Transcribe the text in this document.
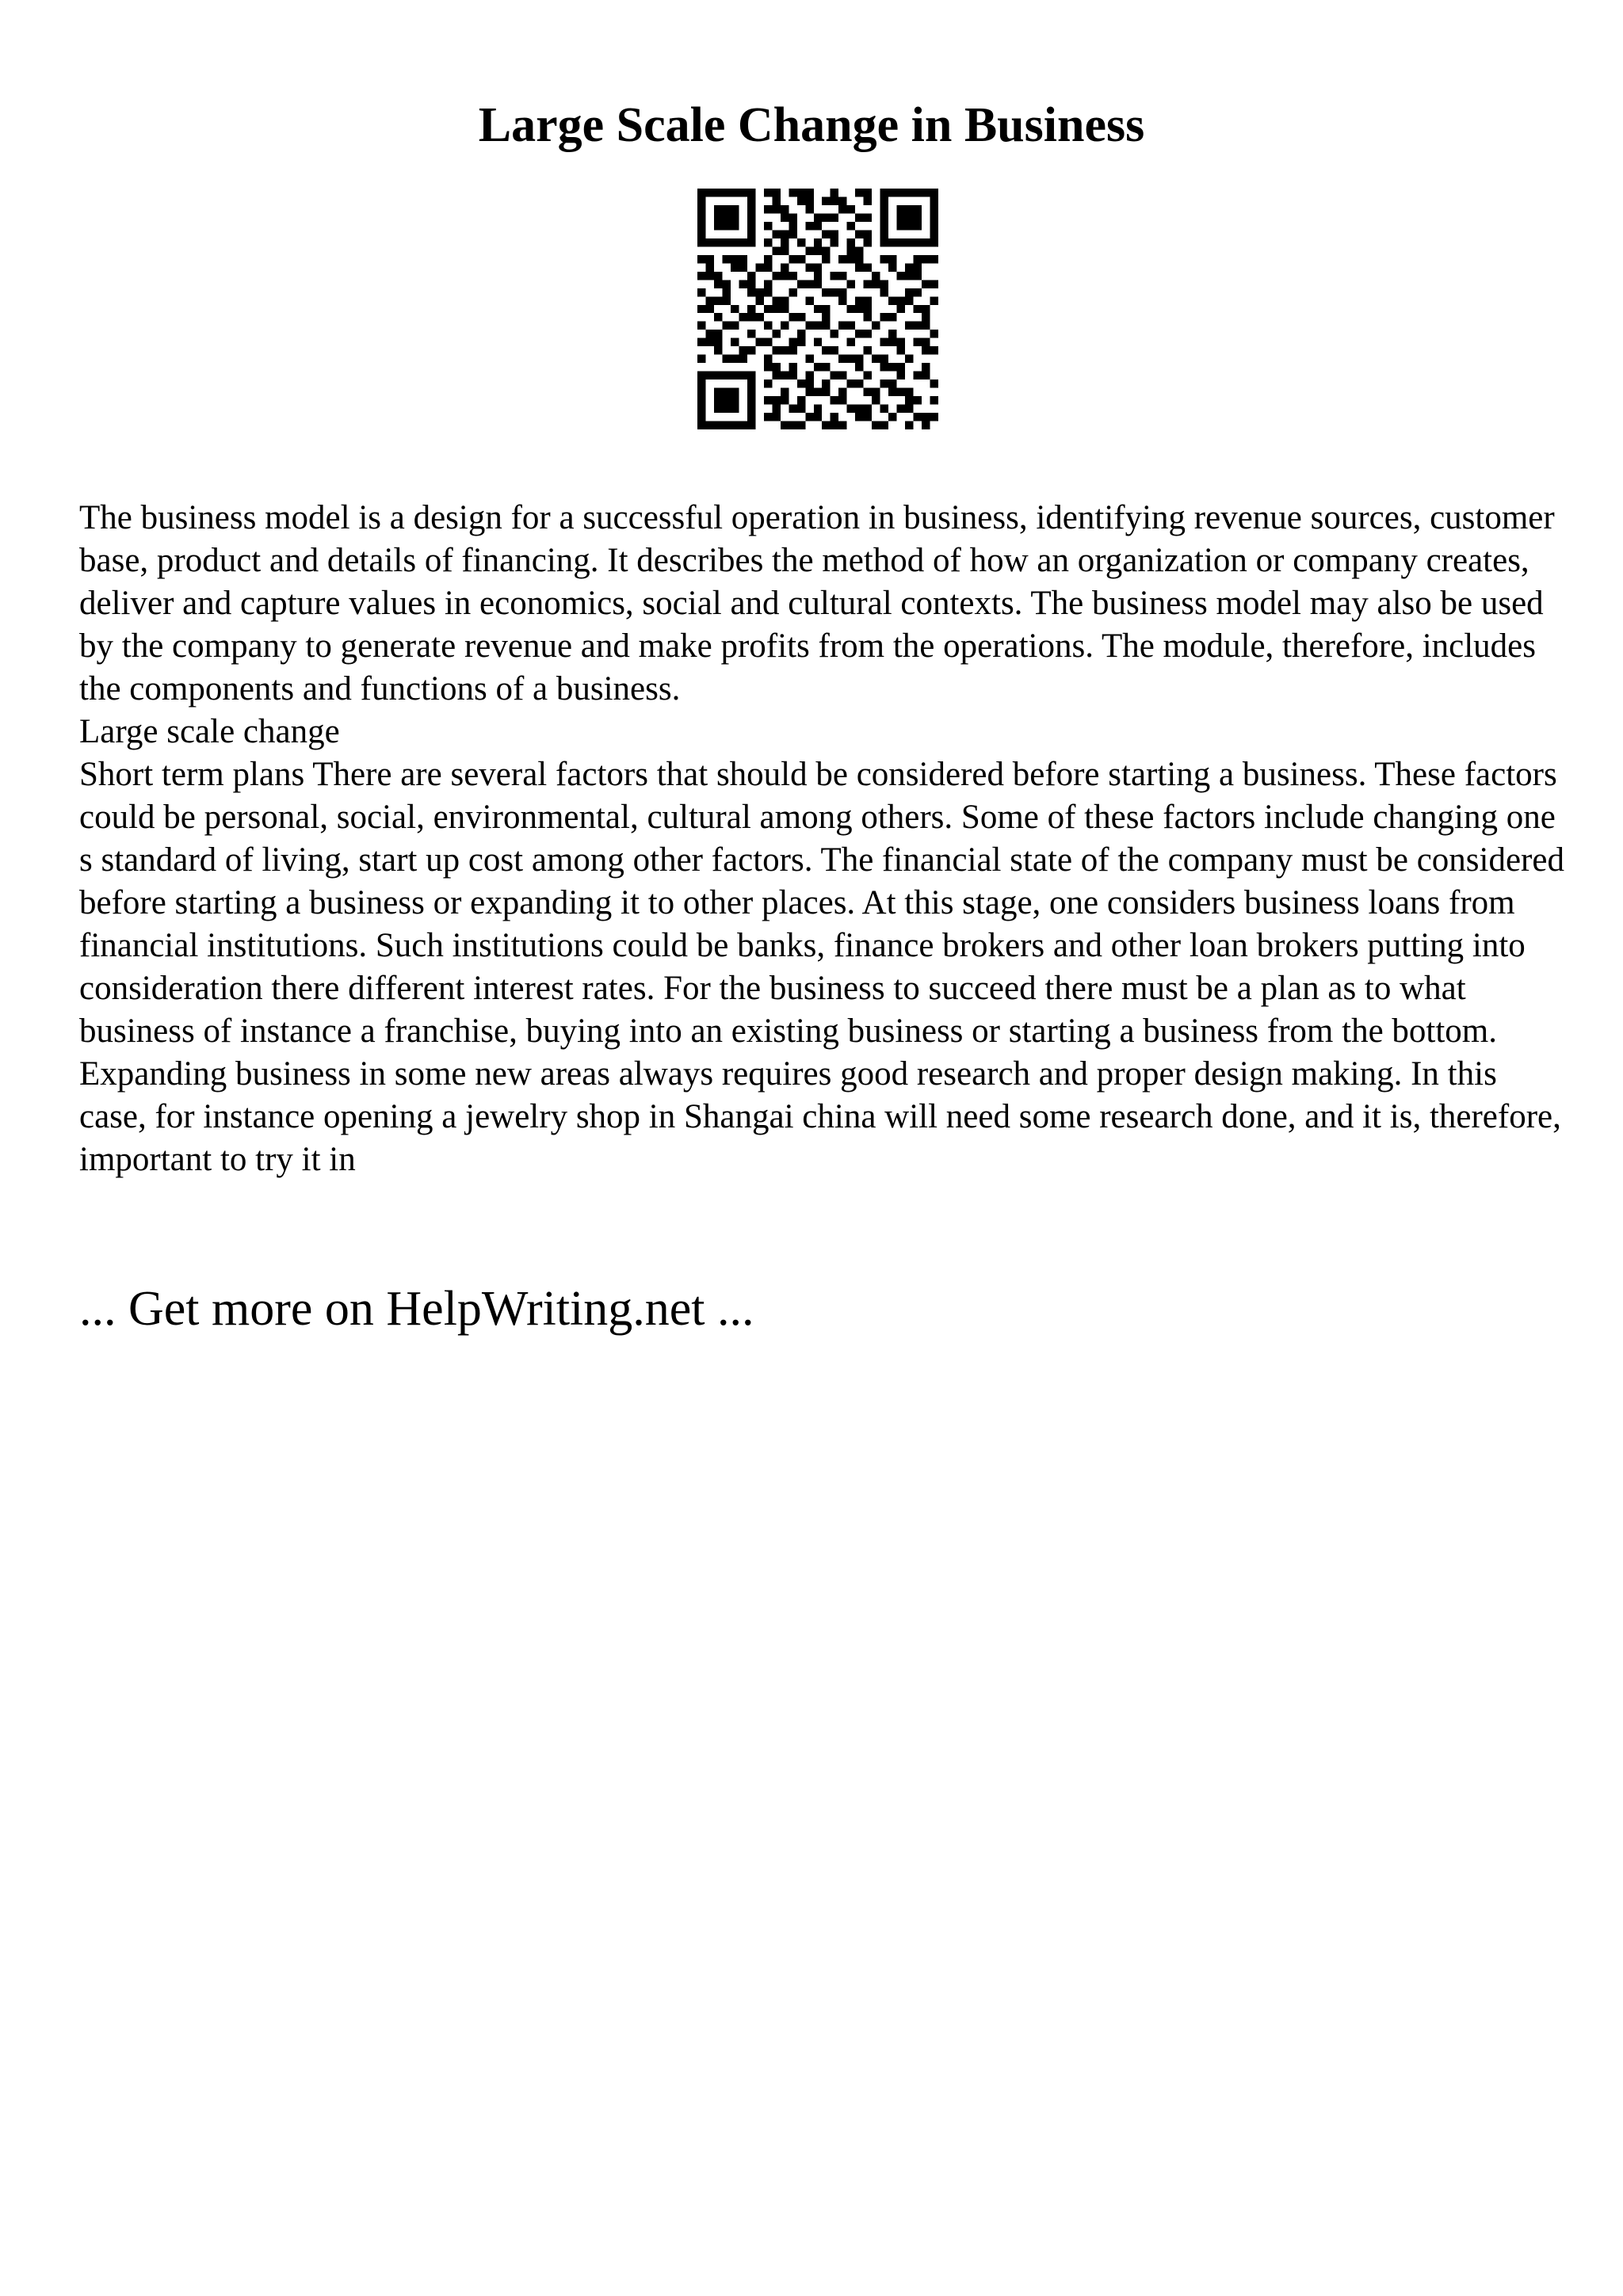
Large Scale Change in Business

The business model is a design for a successful operation in business, identifying revenue sources, customer base, product and details of financing. It describes the method of how an organization or company creates, deliver and capture values in economics, social and cultural contexts. The business model may also be used by the company to generate revenue and make profits from the operations. The module, therefore, includes the components and functions of a business.

Large scale change

Short term plans There are several factors that should be considered before starting a business. These factors could be personal, social, environmental, cultural among others. Some of these factors include changing one s standard of living, start up cost among other factors. The financial state of the company must be considered before starting a business or expanding it to other places. At this stage, one considers business loans from financial institutions. Such institutions could be banks, finance brokers and other loan brokers putting into consideration there different interest rates. For the business to succeed there must be a plan as to what business of instance a franchise, buying into an existing business or starting a business from the bottom. Expanding business in some new areas always requires good research and proper design making. In this case, for instance opening a jewelry shop in Shangai china will need some research done, and it is, therefore, important to try it in

... Get more on HelpWriting.net ...
